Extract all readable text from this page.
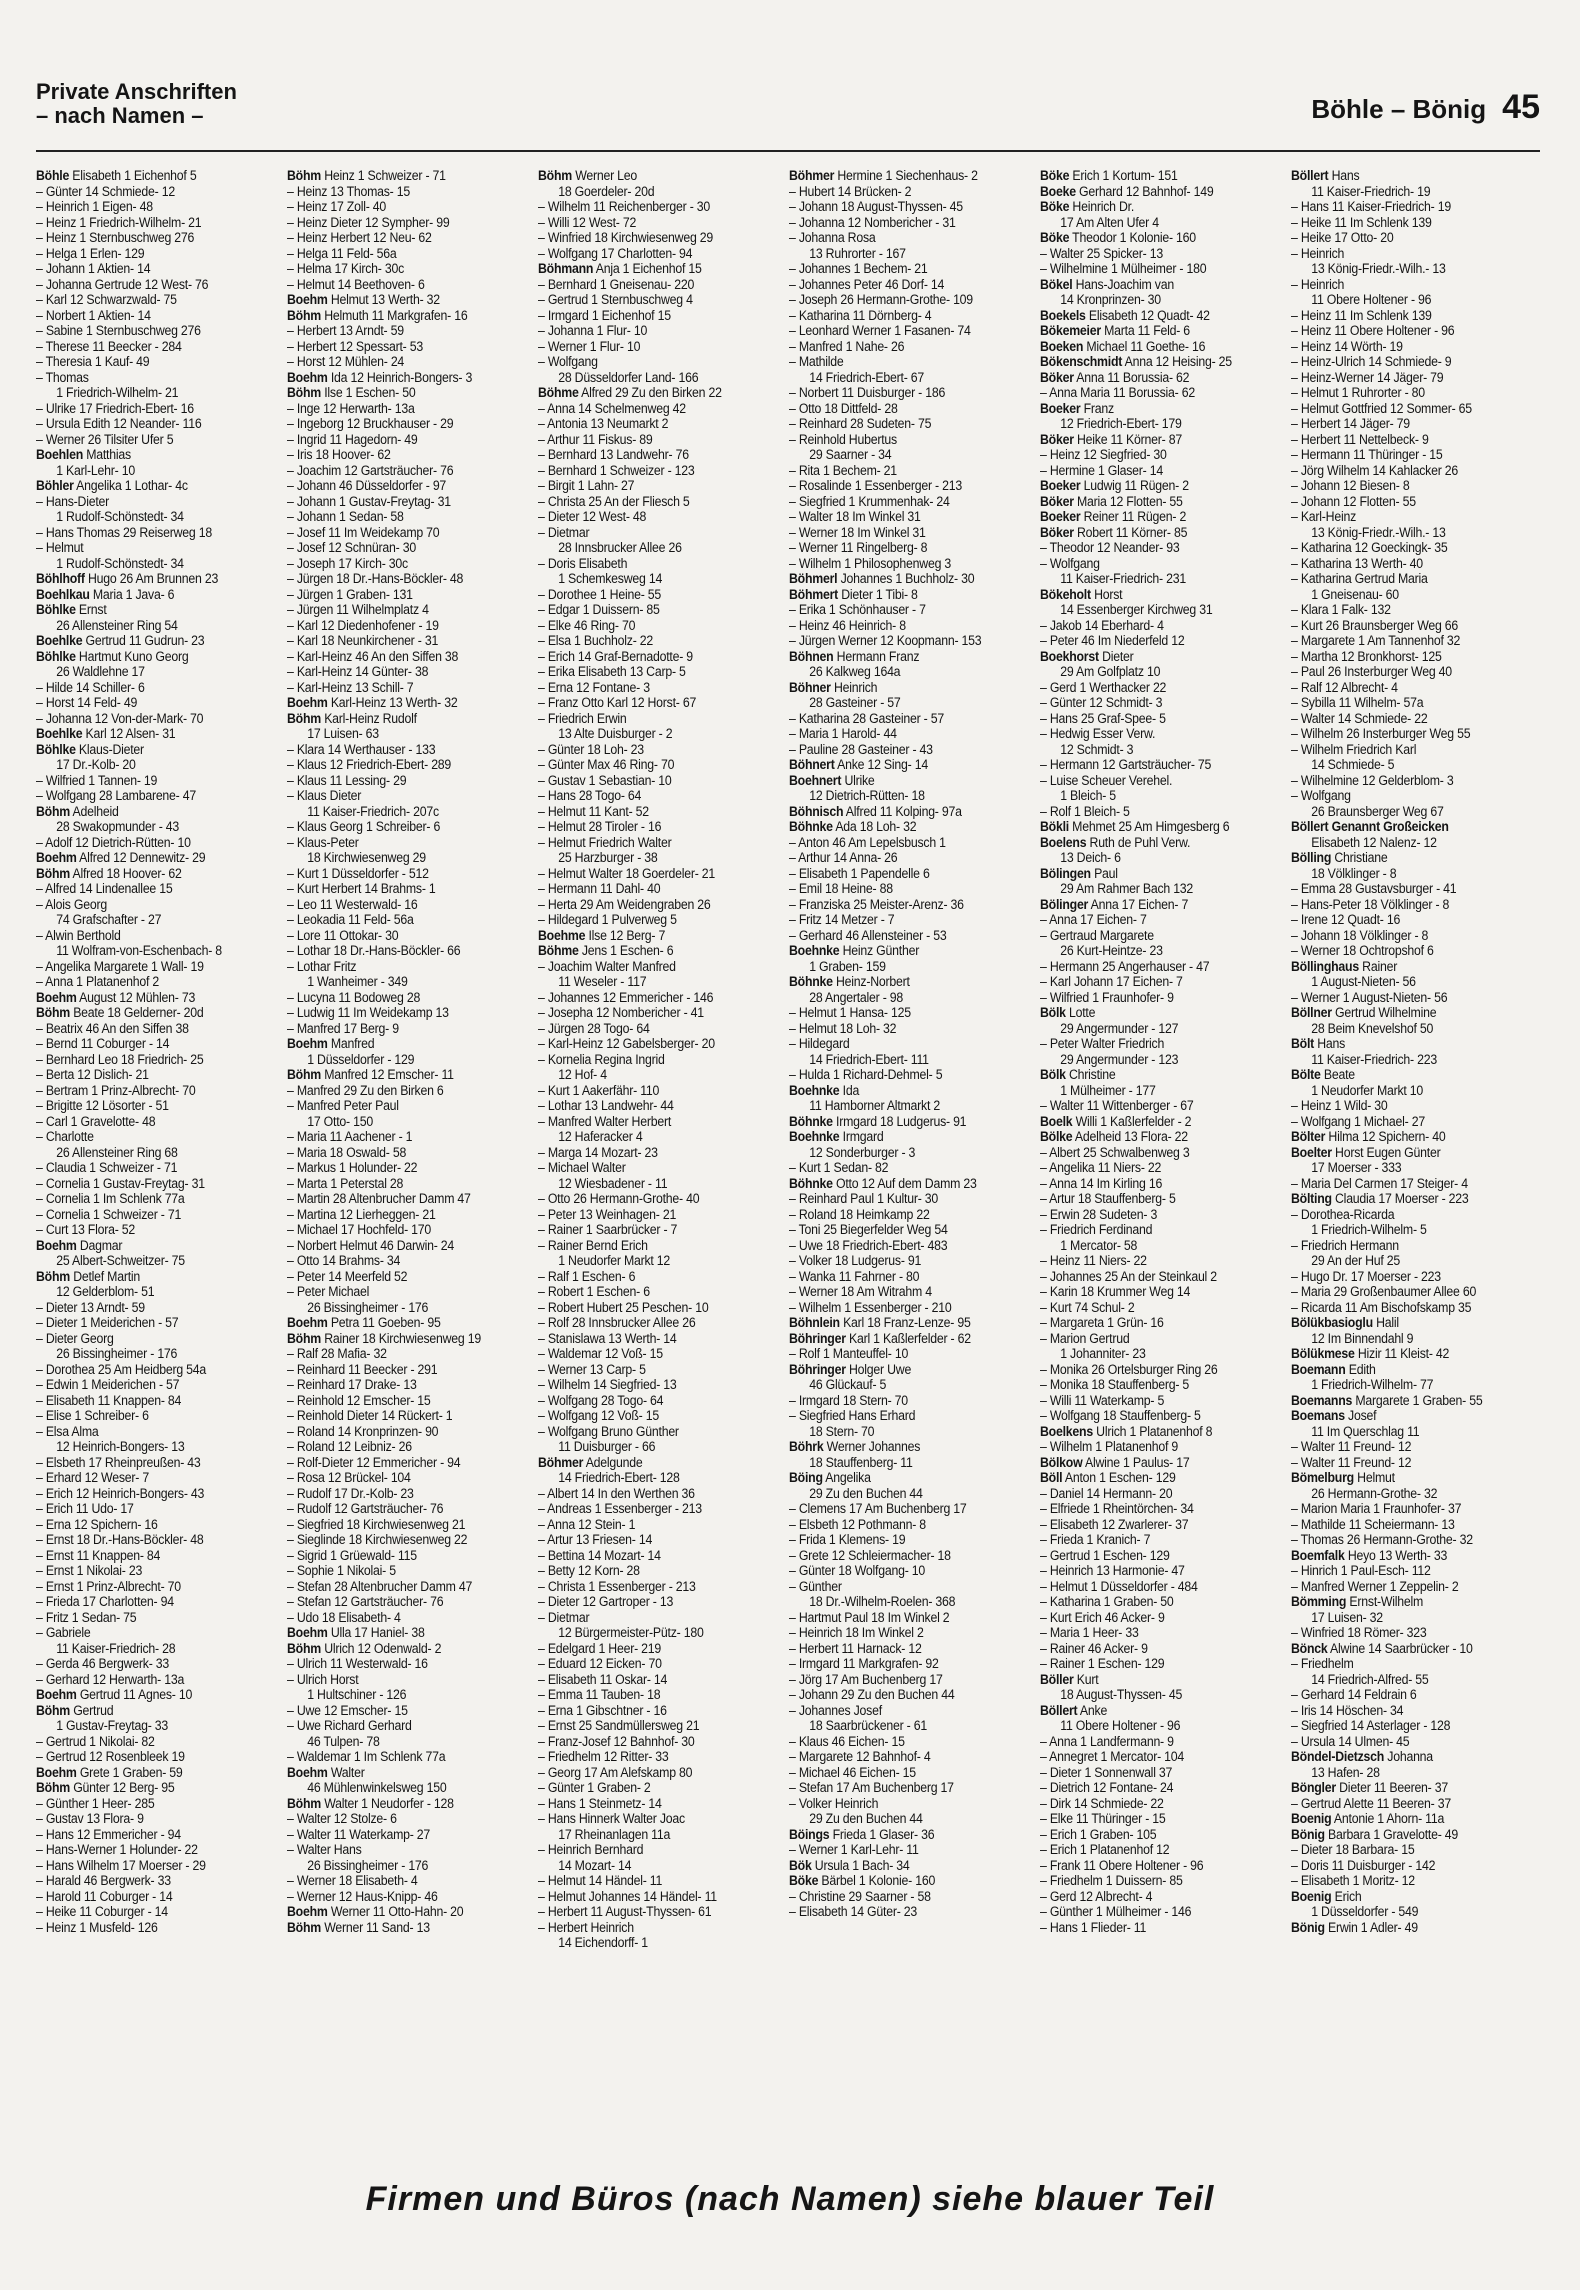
Private Anschriften
– nach Namen –	Böhle – Bönig 45
Böhle Elisabeth 1 Eichenhof 5
– Günter 14 Schmiede- 12
– Heinrich 1 Eigen- 48
– Heinz 1 Friedrich-Wilhelm- 21
– Heinz 1 Sternbuschweg 276
– Helga 1 Erlen- 129
– Johann 1 Aktien- 14
– Johanna Gertrude 12 West- 76
– Karl 12 Schwarzwald- 75
– Norbert 1 Aktien- 14
– Sabine 1 Sternbuschweg 276
– Therese 11 Beecker - 284
– Theresia 1 Kauf- 49
– Thomas
1 Friedrich-Wilhelm- 21
– Ulrike 17 Friedrich-Ebert- 16
– Ursula Edith 12 Neander- 116
– Werner 26 Tilsiter Ufer 5
Boehlen Matthias
1 Karl-Lehr- 10
Böhler Angelika 1 Lothar- 4c
– Hans-Dieter
1 Rudolf-Schönstedt- 34
– Hans Thomas 29 Reiserweg 18
– Helmut
1 Rudolf-Schönstedt- 34
Böhlhoff Hugo 26 Am Brunnen 23
Boehlkau Maria 1 Java- 6
Böhlke Ernst
26 Allensteiner Ring 54
Boehlke Gertrud 11 Gudrun- 23
Böhlke Hartmut Kuno Georg
26 Waldlehne 17
– Hilde 14 Schiller- 6
– Horst 14 Feld- 49
– Johanna 12 Von-der-Mark- 70
Boehlke Karl 12 Alsen- 31
Böhlke Klaus-Dieter
17 Dr.-Kolb- 20
– Wilfried 1 Tannen- 19
– Wolfgang 28 Lambarene- 47
Böhm Adelheid
28 Swakopmunder - 43
– Adolf 12 Dietrich-Rütten- 10
Boehm Alfred 12 Dennewitz- 29
Böhm Alfred 18 Hoover- 62
– Alfred 14 Lindenallee 15
– Alois Georg
74 Grafschafter - 27
– Alwin Berthold
11 Wolfram-von-Eschenbach- 8
– Angelika Margarete 1 Wall- 19
– Anna 1 Platanenhof 2
Boehm August 12 Mühlen- 73
Böhm Beate 18 Gelderner- 20d
– Beatrix 46 An den Siffen 38
– Bernd 11 Coburger - 14
– Bernhard Leo 18 Friedrich- 25
– Berta 12 Dislich- 21
– Bertram 1 Prinz-Albrecht- 70
– Brigitte 12 Lösorter - 51
– Carl 1 Gravelotte- 48
– Charlotte
26 Allensteiner Ring 68
– Claudia 1 Schweizer - 71
– Cornelia 1 Gustav-Freytag- 31
– Cornelia 1 Im Schlenk 77a
– Cornelia 1 Schweizer - 71
– Curt 13 Flora- 52
Boehm Dagmar
25 Albert-Schweitzer- 75
Böhm Detlef Martin
12 Gelderblom- 51
– Dieter 13 Arndt- 59
– Dieter 1 Meiderichen - 57
– Dieter Georg
26 Bissingheimer - 176
– Dorothea 25 Am Heidberg 54a
– Edwin 1 Meiderichen - 57
– Elisabeth 11 Knappen- 84
– Elise 1 Schreiber- 6
– Elsa Alma
12 Heinrich-Bongers- 13
– Elsbeth 17 Rheinpreußen- 43
– Erhard 12 Weser- 7
– Erich 12 Heinrich-Bongers- 43
– Erich 11 Udo- 17
– Erna 12 Spichern- 16
– Ernst 18 Dr.-Hans-Böckler- 48
– Ernst 11 Knappen- 84
– Ernst 1 Nikolai- 23
– Ernst 1 Prinz-Albrecht- 70
– Frieda 17 Charlotten- 94
– Fritz 1 Sedan- 75
– Gabriele
11 Kaiser-Friedrich- 28
– Gerda 46 Bergwerk- 33
– Gerhard 12 Herwarth- 13a
Boehm Gertrud 11 Agnes- 10
Böhm Gertrud
1 Gustav-Freytag- 33
– Gertrud 1 Nikolai- 82
– Gertrud 12 Rosenbleek 19
Boehm Grete 1 Graben- 59
Böhm Günter 12 Berg- 95
– Günther 1 Heer- 285
– Gustav 13 Flora- 9
– Hans 12 Emmericher - 94
– Hans-Werner 1 Holunder- 22
– Hans Wilhelm 17 Moerser - 29
– Harald 46 Bergwerk- 33
– Harold 11 Coburger - 14
– Heike 11 Coburger - 14
– Heinz 1 Musfeld- 126
Böhm Heinz 1 Schweizer - 71
– Heinz 13 Thomas- 15
– Heinz 17 Zoll- 40
– Heinz Dieter 12 Sympher- 99
– Heinz Herbert 12 Neu- 62
– Helga 11 Feld- 56a
– Helma 17 Kirch- 30c
– Helmut 14 Beethoven- 6
Boehm Helmut 13 Werth- 32
Böhm Helmuth 11 Markgrafen- 16
– Herbert 13 Arndt- 59
– Herbert 12 Spessart- 53
– Horst 12 Mühlen- 24
Boehm Ida 12 Heinrich-Bongers- 3
Böhm Ilse 1 Eschen- 50
– Inge 12 Herwarth- 13a
– Ingeborg 12 Bruckhauser - 29
– Ingrid 11 Hagedorn- 49
– Iris 18 Hoover- 62
– Joachim 12 Gartsträucher- 76
– Johann 46 Düsseldorfer - 97
– Johann 1 Gustav-Freytag- 31
– Johann 1 Sedan- 58
– Josef 11 Im Weidekamp 70
– Josef 12 Schnüran- 30
– Joseph 17 Kirch- 30c
– Jürgen 18 Dr.-Hans-Böckler- 48
– Jürgen 1 Graben- 131
– Jürgen 11 Wilhelmplatz 4
– Karl 12 Diedenhofener - 19
– Karl 18 Neunkirchener - 31
– Karl-Heinz 46 An den Siffen 38
– Karl-Heinz 14 Günter- 38
– Karl-Heinz 13 Schill- 7
Boehm Karl-Heinz 13 Werth- 32
Böhm Karl-Heinz Rudolf
17 Luisen- 63
– Klara 14 Werthauser - 133
– Klaus 12 Friedrich-Ebert- 289
– Klaus 11 Lessing- 29
– Klaus Dieter
11 Kaiser-Friedrich- 207c
– Klaus Georg 1 Schreiber- 6
– Klaus-Peter
18 Kirchwiesenweg 29
– Kurt 1 Düsseldorfer - 512
– Kurt Herbert 14 Brahms- 1
– Leo 11 Westerwald- 16
– Leokadia 11 Feld- 56a
– Lore 11 Ottokar- 30
– Lothar 18 Dr.-Hans-Böckler- 66
– Lothar Fritz
1 Wanheimer - 349
– Lucyna 11 Bodoweg 28
– Ludwig 11 Im Weidekamp 13
– Manfred 17 Berg- 9
Boehm Manfred
1 Düsseldorfer - 129
Böhm Manfred 12 Emscher- 11
– Manfred 29 Zu den Birken 6
– Manfred Peter Paul
17 Otto- 150
– Maria 11 Aachener - 1
– Maria 18 Oswald- 58
– Markus 1 Holunder- 22
– Marta 1 Peterstal 28
– Martin 28 Altenbrucher Damm 47
– Martina 12 Lierheggen- 21
– Michael 17 Hochfeld- 170
– Norbert Helmut 46 Darwin- 24
– Otto 14 Brahms- 34
– Peter 14 Meerfeld 52
– Peter Michael
26 Bissingheimer - 176
Boehm Petra 11 Goeben- 95
Böhm Rainer 18 Kirchwiesenweg 19
– Ralf 28 Mafia- 32
– Reinhard 11 Beecker - 291
– Reinhard 17 Drake- 13
– Reinhold 12 Emscher- 15
– Reinhold Dieter 14 Rückert- 1
– Roland 14 Kronprinzen- 90
– Roland 12 Leibniz- 26
– Rolf-Dieter 12 Emmericher - 94
– Rosa 12 Brückel- 104
– Rudolf 17 Dr.-Kolb- 23
– Rudolf 12 Gartsträucher- 76
– Siegfried 18 Kirchwiesenweg 21
– Sieglinde 18 Kirchwiesenweg 22
– Sigrid 1 Grüewald- 115
– Sophie 1 Nikolai- 5
– Stefan 28 Altenbrucher Damm 47
– Stefan 12 Gartsträucher- 76
– Udo 18 Elisabeth- 4
Boehm Ulla 17 Haniel- 38
Böhm Ulrich 12 Odenwald- 2
– Ulrich 11 Westerwald- 16
– Ulrich Horst
1 Hultschiner - 126
– Uwe 12 Emscher- 15
– Uwe Richard Gerhard
46 Tulpen- 78
– Waldemar 1 Im Schlenk 77a
Boehm Walter
46 Mühlenwinkelsweg 150
Böhm Walter 1 Neudorfer - 128
– Walter 12 Stolze- 6
– Walter 11 Waterkamp- 27
– Walter Hans
26 Bissingheimer - 176
– Werner 18 Elisabeth- 4
– Werner 12 Haus-Knipp- 46
Boehm Werner 11 Otto-Hahn- 20
Böhm Werner 11 Sand- 13
Böhm Werner Leo
18 Goerdeler- 20d
– Wilhelm 11 Reichenberger - 30
– Willi 12 West- 72
– Winfried 18 Kirchwiesenweg 29
– Wolfgang 17 Charlotten- 94
Böhmann Anja 1 Eichenhof 15
– Bernhard 1 Gneisenau- 220
– Gertrud 1 Sternbuschweg 4
– Irmgard 1 Eichenhof 15
– Johanna 1 Flur- 10
– Werner 1 Flur- 10
– Wolfgang
28 Düsseldorfer Land- 166
Böhme Alfred 29 Zu den Birken 22
– Anna 14 Schelmenweg 42
– Antonia 13 Neumarkt 2
– Arthur 11 Fiskus- 89
– Bernhard 13 Landwehr- 76
– Bernhard 1 Schweizer - 123
– Birgit 1 Lahn- 27
– Christa 25 An der Fliesch 5
– Dieter 12 West- 48
– Dietmar
28 Innsbrucker Allee 26
– Doris Elisabeth
1 Schemkesweg 14
– Dorothee 1 Heine- 55
– Edgar 1 Duissern- 85
– Elke 46 Ring- 70
– Elsa 1 Buchholz- 22
– Erich 14 Graf-Bernadotte- 9
– Erika Elisabeth 13 Carp- 5
– Erna 12 Fontane- 3
– Franz Otto Karl 12 Horst- 67
– Friedrich Erwin
13 Alte Duisburger - 2
– Günter 18 Loh- 23
– Günter Max 46 Ring- 70
– Gustav 1 Sebastian- 10
– Hans 28 Togo- 64
– Helmut 11 Kant- 52
– Helmut 28 Tiroler - 16
– Helmut Friedrich Walter
25 Harzburger - 38
– Helmut Walter 18 Goerdeler- 21
– Hermann 11 Dahl- 40
– Herta 29 Am Weidengraben 26
– Hildegard 1 Pulverweg 5
Boehme Ilse 12 Berg- 7
Böhme Jens 1 Eschen- 6
– Joachim Walter Manfred
11 Weseler - 117
– Johannes 12 Emmericher - 146
– Josepha 12 Nombericher - 41
– Jürgen 28 Togo- 64
– Karl-Heinz 12 Gabelsberger- 20
– Kornelia Regina Ingrid
12 Hof- 4
– Kurt 1 Aakerfähr- 110
– Lothar 13 Landwehr- 44
– Manfred Walter Herbert
12 Haferacker 4
– Marga 14 Mozart- 23
– Michael Walter
12 Wiesbadener - 11
– Otto 26 Hermann-Grothe- 40
– Peter 13 Weinhagen- 21
– Rainer 1 Saarbrücker - 7
– Rainer Bernd Erich
1 Neudorfer Markt 12
– Ralf 1 Eschen- 6
– Robert 1 Eschen- 6
– Robert Hubert 25 Peschen- 10
– Rolf 28 Innsbrucker Allee 26
– Stanislawa 13 Werth- 14
– Waldemar 12 Voß- 15
– Werner 13 Carp- 5
– Wilhelm 14 Siegfried- 13
– Wolfgang 28 Togo- 64
– Wolfgang 12 Voß- 15
– Wolfgang Bruno Günther
11 Duisburger - 66
Böhmer Adelgunde
14 Friedrich-Ebert- 128
– Albert 14 In den Werthen 36
– Andreas 1 Essenberger - 213
– Anna 12 Stein- 1
– Artur 13 Friesen- 14
– Bettina 14 Mozart- 14
– Betty 12 Korn- 28
– Christa 1 Essenberger - 213
– Dieter 12 Gartroper - 13
– Dietmar
12 Bürgermeister-Pütz- 180
– Edelgard 1 Heer- 219
– Eduard 12 Eicken- 70
– Elisabeth 11 Oskar- 14
– Emma 11 Tauben- 18
– Erna 1 Gibschtner - 16
– Ernst 25 Sandmüllersweg 21
– Franz-Josef 12 Bahnhof- 30
– Friedhelm 12 Ritter- 33
– Georg 17 Am Alefskamp 80
– Günter 1 Graben- 2
– Hans 1 Steinmetz- 14
– Hans Hinnerk Walter Joac
17 Rheinanlagen 11a
– Heinrich Bernhard
14 Mozart- 14
– Helmut 14 Händel- 11
– Helmut Johannes 14 Händel- 11
– Herbert 11 August-Thyssen- 61
– Herbert Heinrich
14 Eichendorff- 1
Böhmer Hermine 1 Siechenhaus- 2
– Hubert 14 Brücken- 2
– Johann 18 August-Thyssen- 45
– Johanna 12 Nombericher - 31
– Johanna Rosa
13 Ruhrorter - 167
– Johannes 1 Bechem- 21
– Johannes Peter 46 Dorf- 14
– Joseph 26 Hermann-Grothe- 109
– Katharina 11 Dörnberg- 4
– Leonhard Werner 1 Fasanen- 74
– Manfred 1 Nahe- 26
– Mathilde
14 Friedrich-Ebert- 67
– Norbert 11 Duisburger - 186
– Otto 18 Dittfeld- 28
– Reinhard 28 Sudeten- 75
– Reinhold Hubertus
29 Saarner - 34
– Rita 1 Bechem- 21
– Rosalinde 1 Essenberger - 213
– Siegfried 1 Krummenhak- 24
– Walter 18 Im Winkel 31
– Werner 18 Im Winkel 31
– Werner 11 Ringelberg- 8
– Wilhelm 1 Philosophenweg 3
Böhmerl Johannes 1 Buchholz- 30
Böhmert Dieter 1 Tibi- 8
– Erika 1 Schönhauser - 7
– Heinz 46 Heinrich- 8
– Jürgen Werner 12 Koopmann- 153
Böhnen Hermann Franz
26 Kalkweg 164a
Böhner Heinrich
28 Gasteiner - 57
– Katharina 28 Gasteiner - 57
– Maria 1 Harold- 44
– Pauline 28 Gasteiner - 43
Böhnert Anke 12 Sing- 14
Boehnert Ulrike
12 Dietrich-Rütten- 18
Böhnisch Alfred 11 Kolping- 97a
Böhnke Ada 18 Loh- 32
– Anton 46 Am Lepelsbusch 1
– Arthur 14 Anna- 26
– Elisabeth 1 Papendelle 6
– Emil 18 Heine- 88
– Franziska 25 Meister-Arenz- 36
– Fritz 14 Metzer - 7
– Gerhard 46 Allensteiner - 53
Boehnke Heinz Günther
1 Graben- 159
Böhnke Heinz-Norbert
28 Angertaler - 98
– Helmut 1 Hansa- 125
– Helmut 18 Loh- 32
– Hildegard
14 Friedrich-Ebert- 111
– Hulda 1 Richard-Dehmel- 5
Boehnke Ida
11 Hamborner Altmarkt 2
Böhnke Irmgard 18 Ludgerus- 91
Boehnke Irmgard
12 Sonderburger - 3
– Kurt 1 Sedan- 82
Böhnke Otto 12 Auf dem Damm 23
– Reinhard Paul 1 Kultur- 30
– Roland 18 Heimkamp 22
– Toni 25 Biegerfelder Weg 54
– Uwe 18 Friedrich-Ebert- 483
– Volker 18 Ludgerus- 91
– Wanka 11 Fahrner - 80
– Werner 18 Am Witrahm 4
– Wilhelm 1 Essenberger - 210
Böhnlein Karl 18 Franz-Lenze- 95
Böhringer Karl 1 Kaßlerfelder - 62
– Rolf 1 Manteuffel- 10
Böhringer Holger Uwe
46 Glückauf- 5
– Irmgard 18 Stern- 70
– Siegfried Hans Erhard
18 Stern- 70
Böhrk Werner Johannes
18 Stauffenberg- 11
Böing Angelika
29 Zu den Buchen 44
– Clemens 17 Am Buchenberg 17
– Elsbeth 12 Pothmann- 8
– Frida 1 Klemens- 19
– Grete 12 Schleiermacher- 18
– Günter 18 Wolfgang- 10
– Günther
18 Dr.-Wilhelm-Roelen- 368
– Hartmut Paul 18 Im Winkel 2
– Heinrich 18 Im Winkel 2
– Herbert 11 Harnack- 12
– Irmgard 11 Markgrafen- 92
– Jörg 17 Am Buchenberg 17
– Johann 29 Zu den Buchen 44
– Johannes Josef
18 Saarbrückener - 61
– Klaus 46 Eichen- 15
– Margarete 12 Bahnhof- 4
– Michael 46 Eichen- 15
– Stefan 17 Am Buchenberg 17
– Volker Heinrich
29 Zu den Buchen 44
Böings Frieda 1 Glaser- 36
– Werner 1 Karl-Lehr- 11
Bök Ursula 1 Bach- 34
Böke Bärbel 1 Kolonie- 160
– Christine 29 Saarner - 58
– Elisabeth 14 Güter- 23
Böke Erich 1 Kortum- 151
Boeke Gerhard 12 Bahnhof- 149
Böke Heinrich Dr.
17 Am Alten Ufer 4
Böke Theodor 1 Kolonie- 160
– Walter 25 Spicker- 13
– Wilhelmine 1 Mülheimer - 180
Bökel Hans-Joachim van
14 Kronprinzen- 30
Boekels Elisabeth 12 Quadt- 42
Bökemeier Marta 11 Feld- 6
Boeken Michael 11 Goethe- 16
Bökenschmidt Anna 12 Heising- 25
Böker Anna 11 Borussia- 62
– Anna Maria 11 Borussia- 62
Boeker Franz
12 Friedrich-Ebert- 179
Böker Heike 11 Körner- 87
– Heinz 12 Siegfried- 30
– Hermine 1 Glaser- 14
Boeker Ludwig 11 Rügen- 2
Böker Maria 12 Flotten- 55
Boeker Reiner 11 Rügen- 2
Böker Robert 11 Körner- 85
– Theodor 12 Neander- 93
– Wolfgang
11 Kaiser-Friedrich- 231
Bökeholt Horst
14 Essenberger Kirchweg 31
– Jakob 14 Eberhard- 4
– Peter 46 Im Niederfeld 12
Boekhorst Dieter
29 Am Golfplatz 10
– Gerd 1 Werthacker 22
– Günter 12 Schmidt- 3
– Hans 25 Graf-Spee- 5
– Hedwig Esser Verw.
12 Schmidt- 3
– Hermann 12 Gartsträucher- 75
– Luise Scheuer Verehel.
1 Bleich- 5
– Rolf 1 Bleich- 5
Bökli Mehmet 25 Am Himgesberg 6
Boelens Ruth de Puhl Verw.
13 Deich- 6
Bölingen Paul
29 Am Rahmer Bach 132
Bölinger Anna 17 Eichen- 7
– Anna 17 Eichen- 7
– Gertraud Margarete
26 Kurt-Heintze- 23
– Hermann 25 Angerhauser - 47
– Karl Johann 17 Eichen- 7
– Wilfried 1 Fraunhofer- 9
Bölk Lotte
29 Angermunder - 127
– Peter Walter Friedrich
29 Angermunder - 123
Bölk Christine
1 Mülheimer - 177
– Walter 11 Wittenberger - 67
Boelk Willi 1 Kaßlerfelder - 2
Bölke Adelheid 13 Flora- 22
– Albert 25 Schwalbenweg 3
– Angelika 11 Niers- 22
– Anna 14 Im Kirling 16
– Artur 18 Stauffenberg- 5
– Erwin 28 Sudeten- 3
– Friedrich Ferdinand
1 Mercator- 58
– Heinz 11 Niers- 22
– Johannes 25 An der Steinkaul 2
– Karin 18 Krummer Weg 14
– Kurt 74 Schul- 2
– Margareta 1 Grün- 16
– Marion Gertrud
1 Johanniter- 23
– Monika 26 Ortelsburger Ring 26
– Monika 18 Stauffenberg- 5
– Willi 11 Waterkamp- 5
– Wolfgang 18 Stauffenberg- 5
Boelkens Ulrich 1 Platanenhof 8
– Wilhelm 1 Platanenhof 9
Bölkow Alwine 1 Paulus- 17
Böll Anton 1 Eschen- 129
– Daniel 14 Hermann- 20
– Elfriede 1 Rheintörchen- 34
– Elisabeth 12 Zwarlerer- 37
– Frieda 1 Kranich- 7
– Gertrud 1 Eschen- 129
– Heinrich 13 Harmonie- 47
– Helmut 1 Düsseldorfer - 484
– Katharina 1 Graben- 50
– Kurt Erich 46 Acker- 9
– Maria 1 Heer- 33
– Rainer 46 Acker- 9
– Rainer 1 Eschen- 129
Böller Kurt
18 August-Thyssen- 45
Böllert Anke
11 Obere Holtener - 96
– Anna 1 Landfermann- 9
– Annegret 1 Mercator- 104
– Dieter 1 Sonnenwall 37
– Dietrich 12 Fontane- 24
– Dirk 14 Schmiede- 22
– Elke 11 Thüringer - 15
– Erich 1 Graben- 105
– Erich 1 Platanenhof 12
– Frank 11 Obere Holtener - 96
– Friedhelm 1 Duissern- 85
– Gerd 12 Albrecht- 4
– Günther 1 Mülheimer - 146
– Hans 1 Flieder- 11
Böllert Hans
11 Kaiser-Friedrich- 19
– Hans 11 Kaiser-Friedrich- 19
– Heike 11 Im Schlenk 139
– Heike 17 Otto- 20
– Heinrich
13 König-Friedr.-Wilh.- 13
– Heinrich
11 Obere Holtener - 96
– Heinz 11 Im Schlenk 139
– Heinz 11 Obere Holtener - 96
– Heinz 14 Wörth- 19
– Heinz-Ulrich 14 Schmiede- 9
– Heinz-Werner 14 Jäger- 79
– Helmut 1 Ruhrorter - 80
– Helmut Gottfried 12 Sommer- 65
– Herbert 14 Jäger- 79
– Herbert 11 Nettelbeck- 9
– Hermann 11 Thüringer - 15
– Jörg Wilhelm 14 Kahlacker 26
– Johann 12 Biesen- 8
– Johann 12 Flotten- 55
– Karl-Heinz
13 König-Friedr.-Wilh.- 13
– Katharina 12 Goeckingk- 35
– Katharina 13 Werth- 40
– Katharina Gertrud Maria
1 Gneisenau- 60
– Klara 1 Falk- 132
– Kurt 26 Braunsberger Weg 66
– Margarete 1 Am Tannenhof 32
– Martha 12 Bronkhorst- 125
– Paul 26 Insterburger Weg 40
– Ralf 12 Albrecht- 4
– Sybilla 11 Wilhelm- 57a
– Walter 14 Schmiede- 22
– Wilhelm 26 Insterburger Weg 55
– Wilhelm Friedrich Karl
14 Schmiede- 5
– Wilhelmine 12 Gelderblom- 3
– Wolfgang
26 Braunsberger Weg 67
Böllert Genannt Großeicken
Elisabeth 12 Nalenz- 12
Bölling Christiane
18 Völklinger - 8
– Emma 28 Gustavsburger - 41
– Hans-Peter 18 Völklinger - 8
– Irene 12 Quadt- 16
– Johann 18 Völklinger - 8
– Werner 18 Ochtropshof 6
Böllinghaus Rainer
1 August-Nieten- 56
– Werner 1 August-Nieten- 56
Böllner Gertrud Wilhelmine
28 Beim Knevelshof 50
Bölt Hans
11 Kaiser-Friedrich- 223
Bölte Beate
1 Neudorfer Markt 10
– Heinz 1 Wild- 30
– Wolfgang 1 Michael- 27
Bölter Hilma 12 Spichern- 40
Boelter Horst Eugen Günter
17 Moerser - 333
– Maria Del Carmen 17 Steiger- 4
Bölting Claudia 17 Moerser - 223
– Dorothea-Ricarda
1 Friedrich-Wilhelm- 5
– Friedrich Hermann
29 An der Huf 25
– Hugo Dr. 17 Moerser - 223
– Maria 29 Großenbaumer Allee 60
– Ricarda 11 Am Bischofskamp 35
Bölükbasioglu Halil
12 Im Binnendahl 9
Bölükmese Hizir 11 Kleist- 42
Boemann Edith
1 Friedrich-Wilhelm- 77
Boemanns Margarete 1 Graben- 55
Boemans Josef
11 Im Querschlag 11
– Walter 11 Freund- 12
– Walter 11 Freund- 12
Bömelburg Helmut
26 Hermann-Grothe- 32
– Marion Maria 1 Fraunhofer- 37
– Mathilde 11 Scheiermann- 13
– Thomas 26 Hermann-Grothe- 32
Boemfalk Heyo 13 Werth- 33
– Hinrich 1 Paul-Esch- 112
– Manfred Werner 1 Zeppelin- 2
Bömming Ernst-Wilhelm
17 Luisen- 32
– Winfried 18 Römer- 323
Bönck Alwine 14 Saarbrücker - 10
– Friedhelm
14 Friedrich-Alfred- 55
– Gerhard 14 Feldrain 6
– Iris 14 Höschen- 34
– Siegfried 14 Asterlager - 128
– Ursula 14 Ulmen- 45
Böndel-Dietzsch Johanna
13 Hafen- 28
Böngler Dieter 11 Beeren- 37
– Gertrud Alette 11 Beeren- 37
Boenig Antonie 1 Ahorn- 11a
Bönig Barbara 1 Gravelotte- 49
– Dieter 18 Barbara- 15
– Doris 11 Duisburger - 142
– Elisabeth 1 Moritz- 12
Boenig Erich
1 Düsseldorfer - 549
Bönig Erwin 1 Adler- 49
Firmen und Büros (nach Namen) siehe blauer Teil
